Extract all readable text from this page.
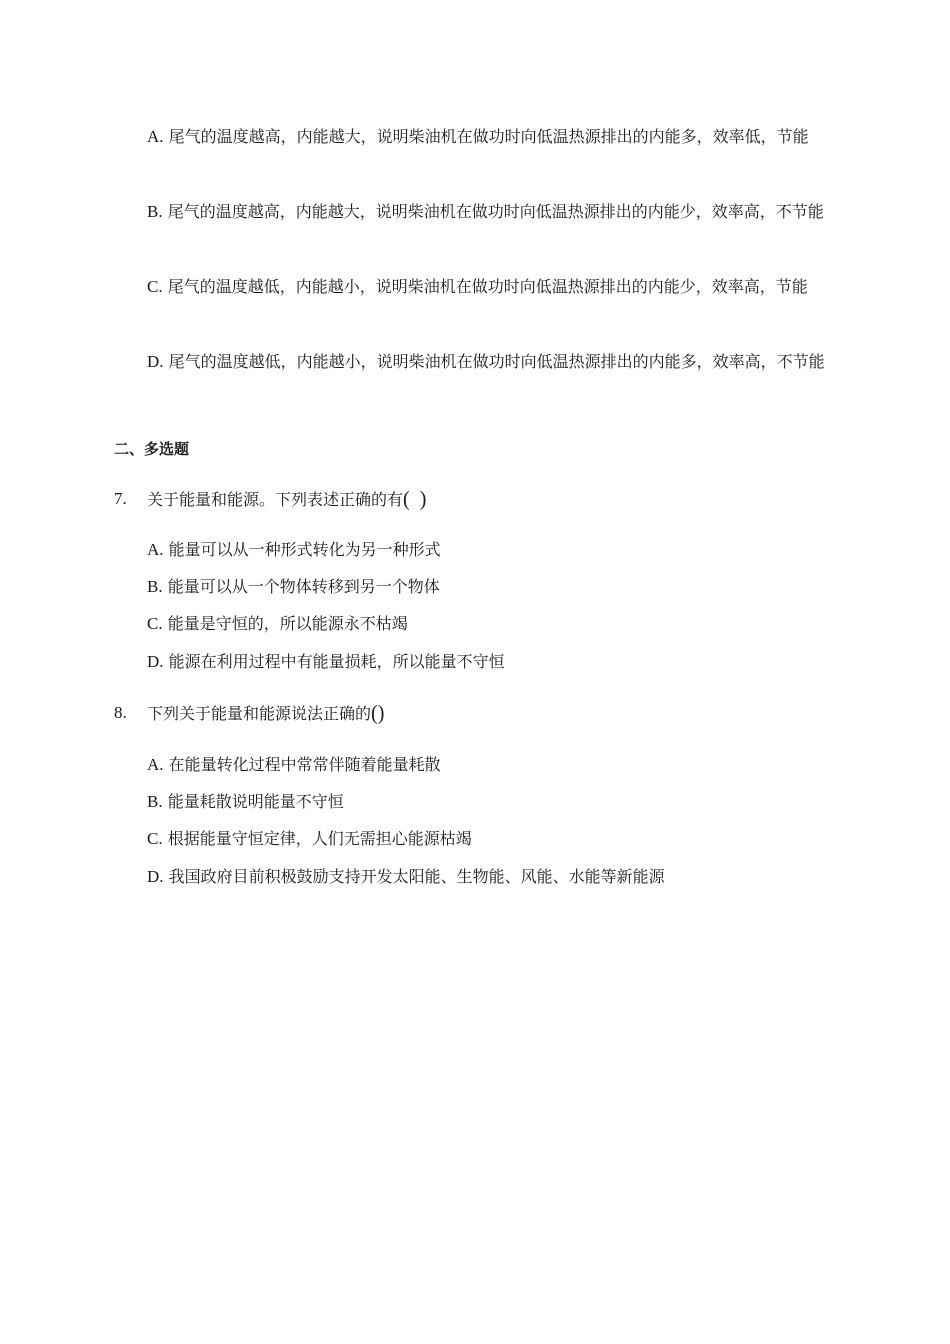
A. 尾气的温度越高，内能越大，说明柴油机在做功时向低温热源排出的内能多，效率低，节能
B. 尾气的温度越高，内能越大，说明柴油机在做功时向低温热源排出的内能少，效率高，不节能
C. 尾气的温度越低，内能越小，说明柴油机在做功时向低温热源排出的内能少，效率高，节能
D. 尾气的温度越低，内能越小，说明柴油机在做功时向低温热源排出的内能多，效率高，不节能
二、多选题
7. 关于能量和能源。下列表述正确的有( )
A. 能量可以从一种形式转化为另一种形式
B. 能量可以从一个物体转移到另一个物体
C. 能量是守恒的，所以能源永不枯竭
D. 能源在利用过程中有能量损耗，所以能量不守恒
8. 下列关于能量和能源说法正确的()
A. 在能量转化过程中常常伴随着能量耗散
B. 能量耗散说明能量不守恒
C. 根据能量守恒定律，人们无需担心能源枯竭
D. 我国政府目前积极鼓励支持开发太阳能、生物能、风能、水能等新能源
